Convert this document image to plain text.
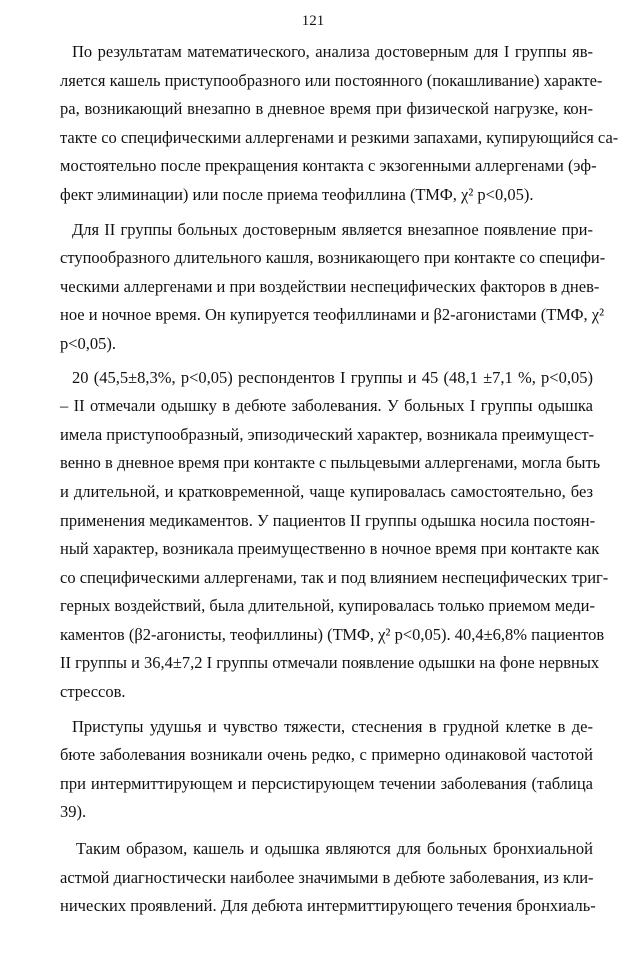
121
По результатам математического, анализа достоверным для I группы яв-
ляется кашель приступообразного или постоянного (покашливание) характе-
ра, возникающий внезапно в дневное время при физической нагрузке, кон-
такте со специфическими аллергенами и резкими запахами, купирующийся са-
мостоятельно после прекращения контакта с экзогенными аллергенами (эф-
фект элиминации) или после приема теофиллина (ТМФ, χ² p<0,05).
Для II группы больных достоверным является внезапное появление при-
ступообразного длительного кашля, возникающего при контакте со специфи-
ческими аллергенами и при воздействии неспецифических факторов в днев-
ное и ночное время. Он купируется теофиллинами и β2-агонистами (ТМФ, χ²
p<0,05).
20 (45,5±8,3%, p<0,05) респондентов I группы и 45 (48,1 ±7,1 %, p<0,05)
– II отмечали одышку в дебюте заболевания. У больных I группы одышка
имела приступообразный, эпизодический характер, возникала преимущест-
венно в дневное время при контакте с пыльцевыми аллергенами, могла быть
и длительной, и кратковременной, чаще купировалась самостоятельно, без
применения медикаментов. У пациентов II группы одышка носила постоян-
ный характер, возникала преимущественно в ночное время при контакте как
со специфическими аллергенами, так и под влиянием неспецифических триг-
герных воздействий, была длительной, купировалась только приемом меди-
каментов (β2-агонисты, теофиллины) (ТМФ, χ² p<0,05). 40,4±6,8% пациентов
II группы и 36,4±7,2 I группы отмечали появление одышки на фоне нервных
стрессов.
Приступы удушья и чувство тяжести, стеснения в грудной клетке в де-
бюте заболевания возникали очень редко, с примерно одинаковой частотой
при интермиттирующем и персистирующем течении заболевания (таблица
39).
Таким образом, кашель и одышка являются для больных бронхиальной
астмой диагностически наиболее значимыми в дебюте заболевания, из кли-
нических проявлений. Для дебюта интермиттирующего течения бронхиаль-
